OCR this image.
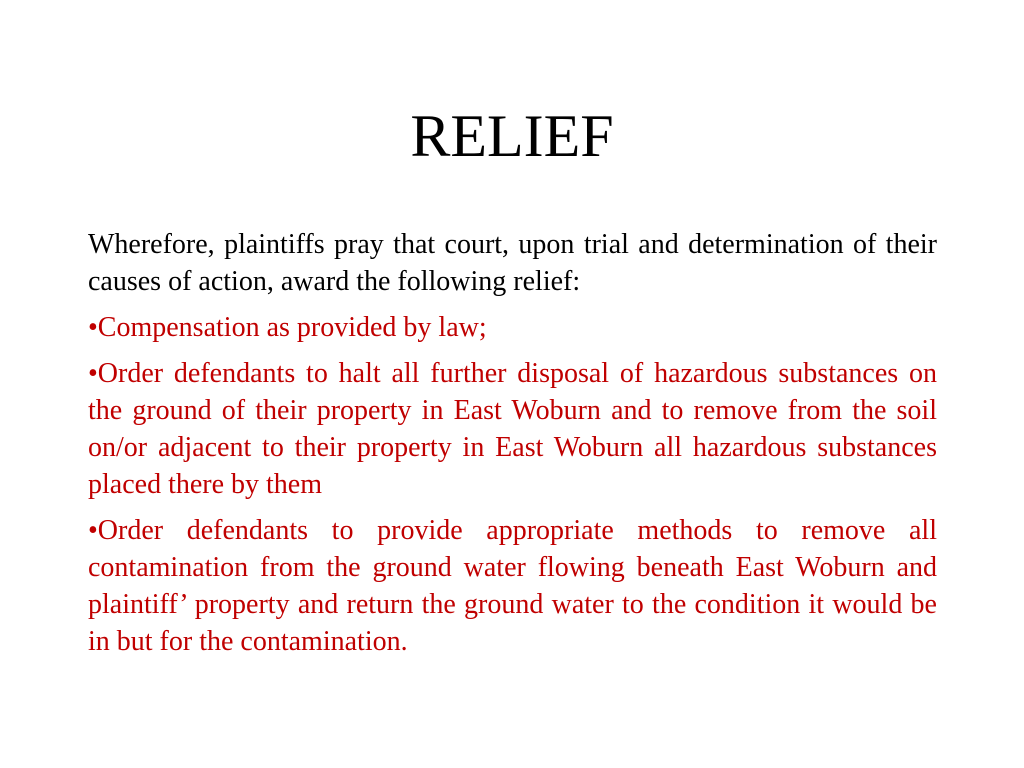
RELIEF

Wherefore, plaintiffs pray that court, upon trial and determination of their causes of action, award the following relief:

•Compensation as provided by law;

•Order defendants to halt all further disposal of hazardous substances on the ground of their property in East Woburn and to remove from the soil on/or adjacent to their property in East Woburn all hazardous substances placed there by them

•Order defendants to provide appropriate methods to remove all contamination from the ground water flowing beneath East Woburn and plaintiff’ property and return the ground water to the condition it would be in but for the contamination.
